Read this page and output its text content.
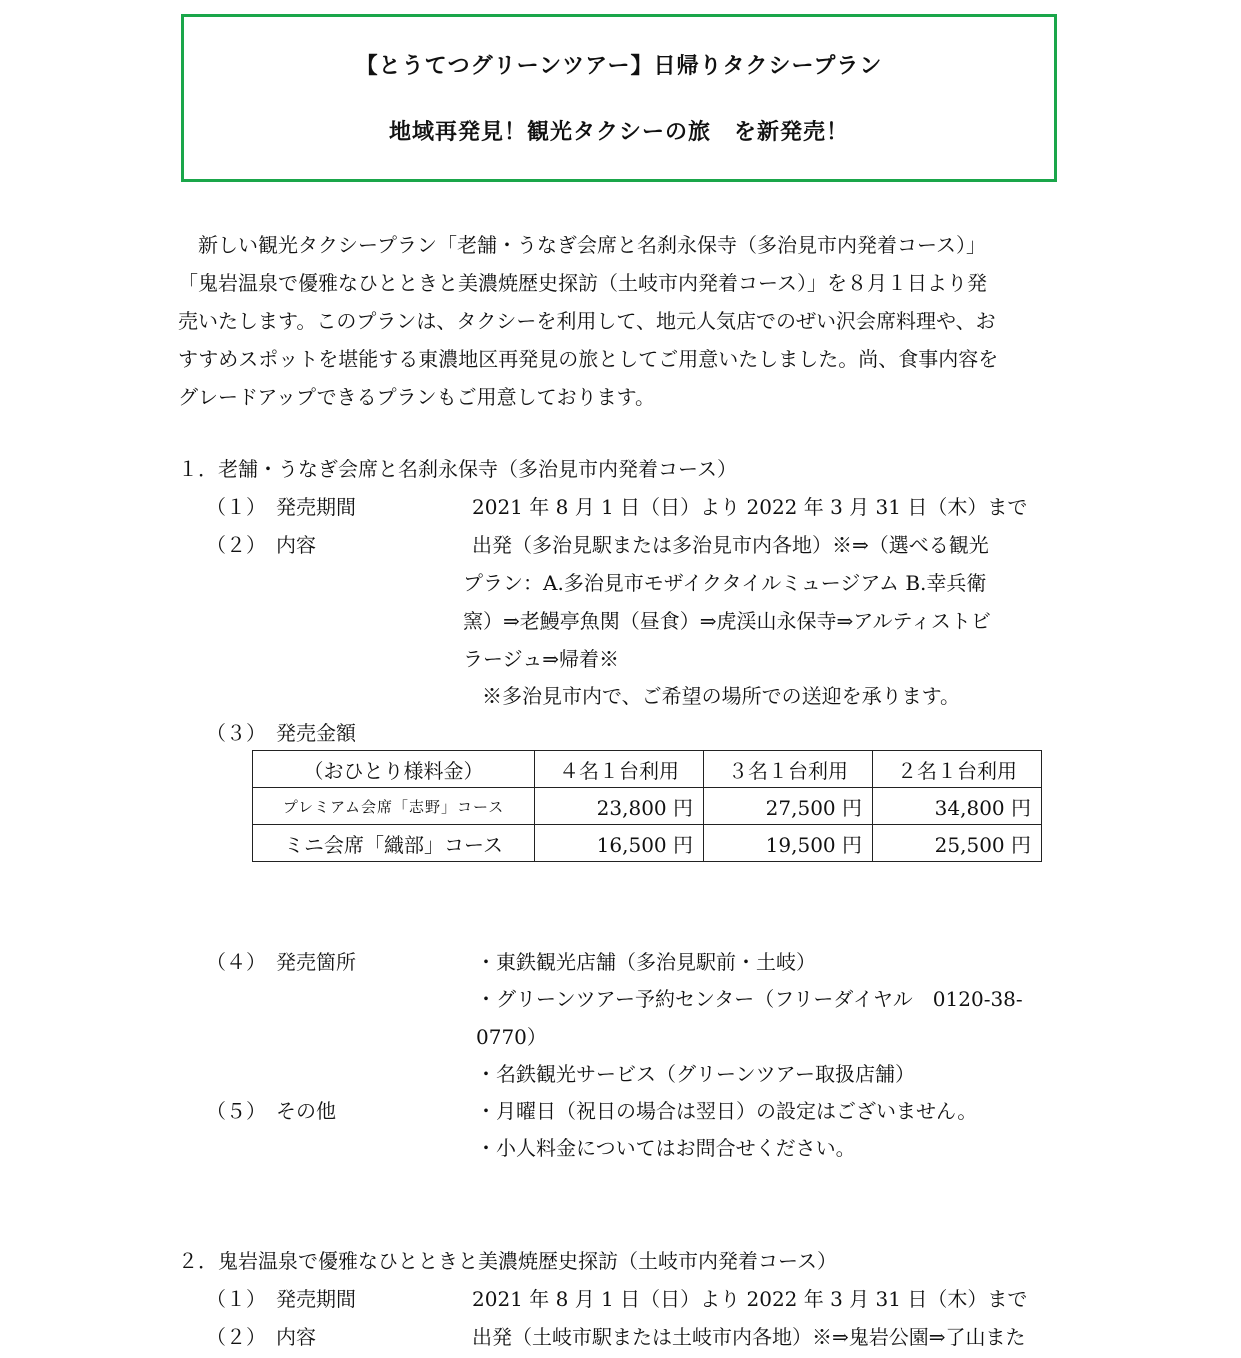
【とうてつグリーンツアー】日帰りタクシープラン
地域再発見！観光タクシーの旅　を新発売！
　新しい観光タクシープラン「老舗・うなぎ会席と名刹永保寺（多治見市内発着コース）」
「鬼岩温泉で優雅なひとときと美濃焼歴史探訪（土岐市内発着コース）」を８月１日より発
売いたします。このプランは、タクシーを利用して、地元人気店でのぜい沢会席料理や、お
すすめスポットを堪能する東濃地区再発見の旅としてご用意いたしました。尚、食事内容を
グレードアップできるプランもご用意しております。
１．老舗・うなぎ会席と名刹永保寺（多治見市内発着コース）
（１）　発売期間	2021 年 8 月 1 日（日）より 2022 年 3 月 31 日（木）まで
（２）　内容	出発（多治見駅または多治見市内各地）※⇒（選べる観光
プラン：A.多治見市モザイクタイルミュージアム B.幸兵衛
窯）⇒老鰻亭魚関（昼食）⇒虎渓山永保寺⇒アルティストビ
ラージュ⇒帰着※
※多治見市内で、ご希望の場所での送迎を承ります。
（３）　発売金額
（おひとり様料金）	４名１台利用	３名１台利用	２名１台利用
プレミアム会席「志野」コース	23,800 円	27,500 円	34,800 円
ミニ会席「織部」コース	16,500 円	19,500 円	25,500 円
（４）　発売箇所	・東鉄観光店舗（多治見駅前・土岐）
・グリーンツアー予約センター（フリーダイヤル　0120-38-
0770）
・名鉄観光サービス（グリーンツアー取扱店舗）
（５）　その他	・月曜日（祝日の場合は翌日）の設定はございません。
・小人料金についてはお問合せください。
２．鬼岩温泉で優雅なひとときと美濃焼歴史探訪（土岐市内発着コース）
（１）　発売期間	2021 年 8 月 1 日（日）より 2022 年 3 月 31 日（木）まで
（２）　内容	出発（土岐市駅または土岐市内各地）※⇒鬼岩公園⇒了山また
